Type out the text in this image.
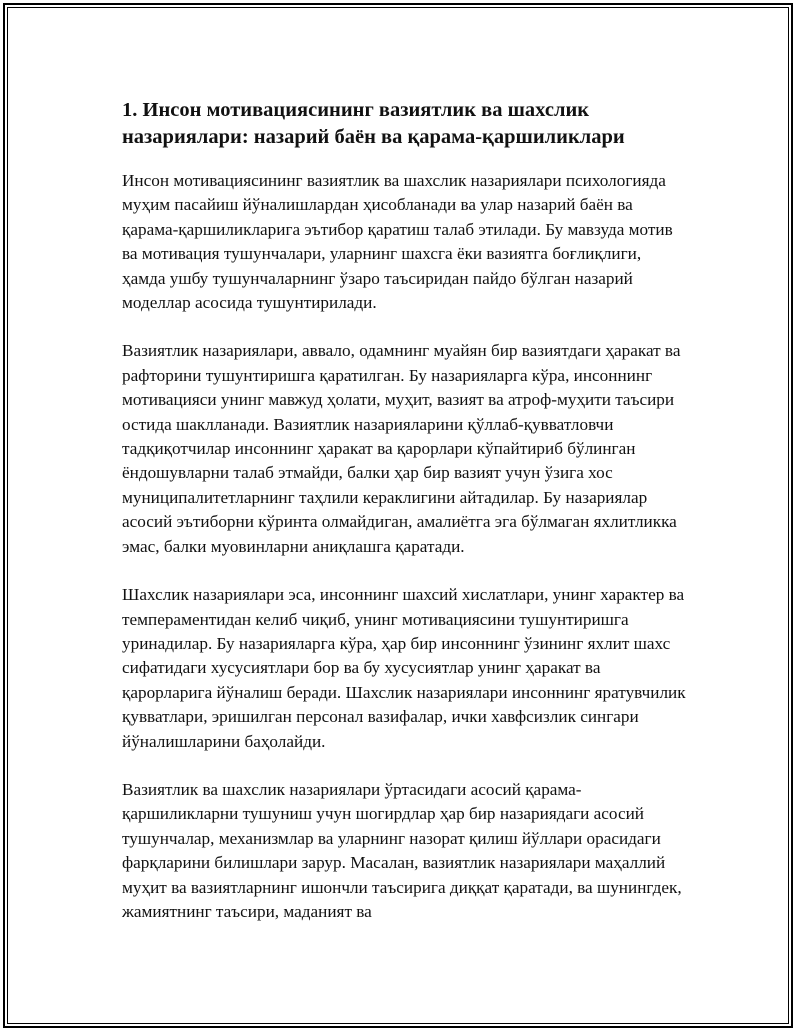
1. Инсон мотивациясининг вазиятлик ва шахслик назариялари: назарий баён ва қарама-қаршиликлари

Инсон мотивациясининг вазиятлик ва шахслик назариялари психологияда муҳим пасайиш йўналишлардан ҳисобланади ва улар назарий баён ва қарама-қаршиликларига эътибор қаратиш талаб этилади. Бу мавзуда мотив ва мотивация тушунчалари, уларнинг шахсга ёки вазиятга боғлиқлиги, ҳамда ушбу тушунчаларнинг ўзаро таъсиридан пайдо бўлган назарий моделлар асосида тушунтирилади.

Вазиятлик назариялари, аввало, одамнинг муайян бир вазиятдаги ҳаракат ва рафторини тушунтиришга қаратилган. Бу назарияларга кўра, инсоннинг мотивацияси унинг мавжуд ҳолати, муҳит, вазият ва атроф-муҳити таъсири остида шаклланади. Вазиятлик назарияларини қўллаб-қувватловчи тадқиқотчилар инсоннинг ҳаракат ва қарорлари кўпайтириб бўлинган ёндошувларни талаб этмайди, балки ҳар бир вазият учун ўзига хос муниципалитетларнинг таҳлили кераклигини айтадилар. Бу назариялар асосий эътиборни кўринта олмайдиган, амалиётга эга бўлмаган яхлитликка эмас, балки муовинларни аниқлашга қаратади.

Шахслик назариялари эса, инсоннинг шахсий хислатлари, унинг характер ва темпераментидан келиб чиқиб, унинг мотивациясини тушунтиришга уринадилар. Бу назарияларга кўра, ҳар бир инсоннинг ўзининг яхлит шахс сифатидаги хусусиятлари бор ва бу хусусиятлар унинг ҳаракат ва қарорларига йўналиш беради. Шахслик назариялари инсоннинг яратувчилик қувватлари, эришилган персонал вазифалар, ички хавфсизлик сингари йўналишларини баҳолайди.

Вазиятлик ва шахслик назариялари ўртасидаги асосий қарама-қаршиликларни тушуниш учун шогирдлар ҳар бир назариядаги асосий тушунчалар, механизмлар ва уларнинг назорат қилиш йўллари орасидаги фарқларини билишлари зарур. Масалан, вазиятлик назариялари маҳаллий муҳит ва вазиятларнинг ишончли таъсирига диққат қаратади, ва шунингдек, жамиятнинг таъсири, маданият ва
